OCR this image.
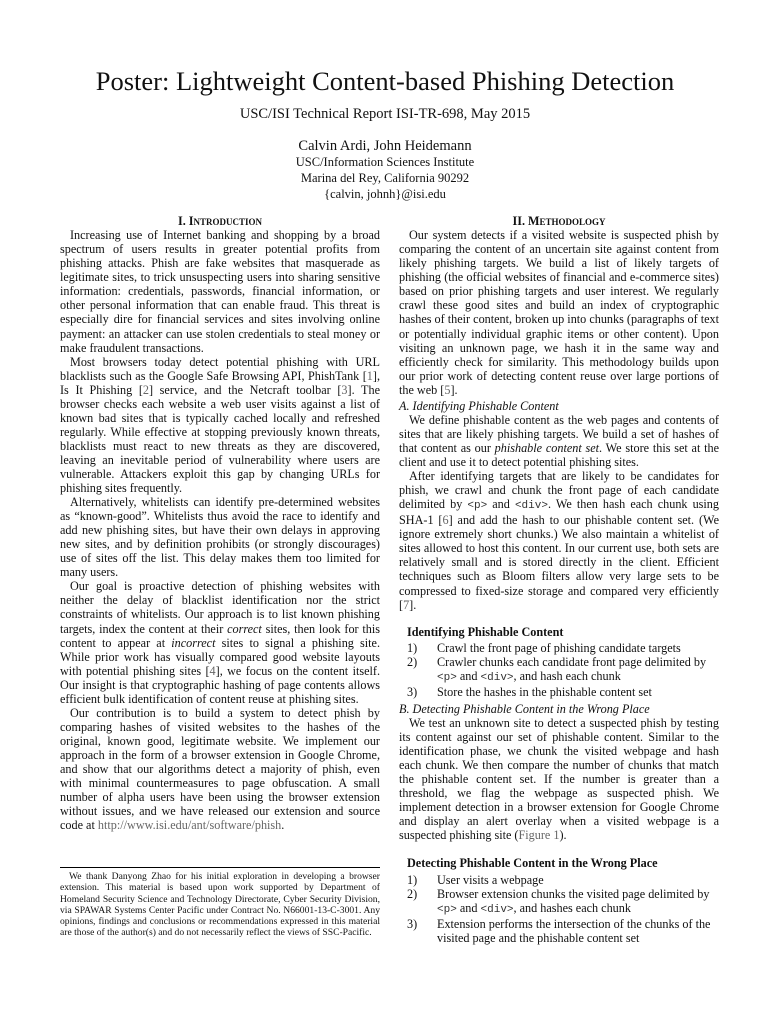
Poster: Lightweight Content-based Phishing Detection
USC/ISI Technical Report ISI-TR-698, May 2015
Calvin Ardi, John Heidemann
USC/Information Sciences Institute
Marina del Rey, California 90292
{calvin, johnh}@isi.edu
I. Introduction

Increasing use of Internet banking and shopping by a broad spectrum of users results in greater potential profits from phishing attacks. Phish are fake websites that masquerade as legitimate sites, to trick unsuspecting users into sharing sensitive information: credentials, passwords, financial information, or other personal information that can enable fraud. This threat is especially dire for financial services and sites involving online payment: an attacker can use stolen credentials to steal money or make fraudulent transactions.

Most browsers today detect potential phishing with URL blacklists such as the Google Safe Browsing API, PhishTank [1], Is It Phishing [2] service, and the Netcraft toolbar [3]. The browser checks each website a web user visits against a list of known bad sites that is typically cached locally and refreshed regularly. While effective at stopping previously known threats, blacklists must react to new threats as they are discovered, leaving an inevitable period of vulnerability where users are vulnerable. Attackers exploit this gap by changing URLs for phishing sites frequently.

Alternatively, whitelists can identify pre-determined websites as “known-good”. Whitelists thus avoid the race to identify and add new phishing sites, but have their own delays in approving new sites, and by definition prohibits (or strongly discourages) use of sites off the list. This delay makes them too limited for many users.

Our goal is proactive detection of phishing websites with neither the delay of blacklist identification nor the strict constraints of whitelists. Our approach is to list known phishing targets, index the content at their correct sites, then look for this content to appear at incorrect sites to signal a phishing site. While prior work has visually compared good website layouts with potential phishing sites [4], we focus on the content itself. Our insight is that cryptographic hashing of page contents allows efficient bulk identification of content reuse at phishing sites.

Our contribution is to build a system to detect phish by comparing hashes of visited websites to the hashes of the original, known good, legitimate website. We implement our approach in the form of a browser extension in Google Chrome, and show that our algorithms detect a majority of phish, even with minimal countermeasures to page obfuscation. A small number of alpha users have been using the browser extension without issues, and we have released our extension and source code at http://www.isi.edu/ant/software/phish.

We thank Danyong Zhao for his initial exploration in developing a browser extension. This material is based upon work supported by Department of Homeland Security Science and Technology Directorate, Cyber Security Division, via SPAWAR Systems Center Pacific under Contract No. N66001-13-C-3001. Any opinions, findings and conclusions or recommendations expressed in this material are those of the author(s) and do not necessarily reflect the views of SSC-Pacific.
II. Methodology

Our system detects if a visited website is suspected phish by comparing the content of an uncertain site against content from likely phishing targets. We build a list of likely targets of phishing (the official websites of financial and e-commerce sites) based on prior phishing targets and user interest. We regularly crawl these good sites and build an index of cryptographic hashes of their content, broken up into chunks (paragraphs of text or potentially individual graphic items or other content). Upon visiting an unknown page, we hash it in the same way and efficiently check for similarity. This methodology builds upon our prior work of detecting content reuse over large portions of the web [5].

A. Identifying Phishable Content

We define phishable content as the web pages and contents of sites that are likely phishing targets. We build a set of hashes of that content as our phishable content set. We store this set at the client and use it to detect potential phishing sites.

After identifying targets that are likely to be candidates for phish, we crawl and chunk the front page of each candidate delimited by <p> and <div>. We then hash each chunk using SHA-1 [6] and add the hash to our phishable content set. (We ignore extremely short chunks.) We also maintain a whitelist of sites allowed to host this content. In our current use, both sets are relatively small and is stored directly in the client. Efficient techniques such as Bloom filters allow very large sets to be compressed to fixed-size storage and compared very efficiently [7].

Identifying Phishable Content
1) Crawl the front page of phishing candidate targets
2) Crawler chunks each candidate front page delimited by <p> and <div>, and hash each chunk
3) Store the hashes in the phishable content set
B. Detecting Phishable Content in the Wrong Place

We test an unknown site to detect a suspected phish by testing its content against our set of phishable content. Similar to the identification phase, we chunk the visited webpage and hash each chunk. We then compare the number of chunks that match the phishable content set. If the number is greater than a threshold, we flag the webpage as suspected phish. We implement detection in a browser extension for Google Chrome and display an alert overlay when a visited webpage is a suspected phishing site (Figure 1).

Detecting Phishable Content in the Wrong Place
1) User visits a webpage
2) Browser extension chunks the visited page delimited by <p> and <div>, and hashes each chunk
3) Extension performs the intersection of the chunks of the visited page and the phishable content set
